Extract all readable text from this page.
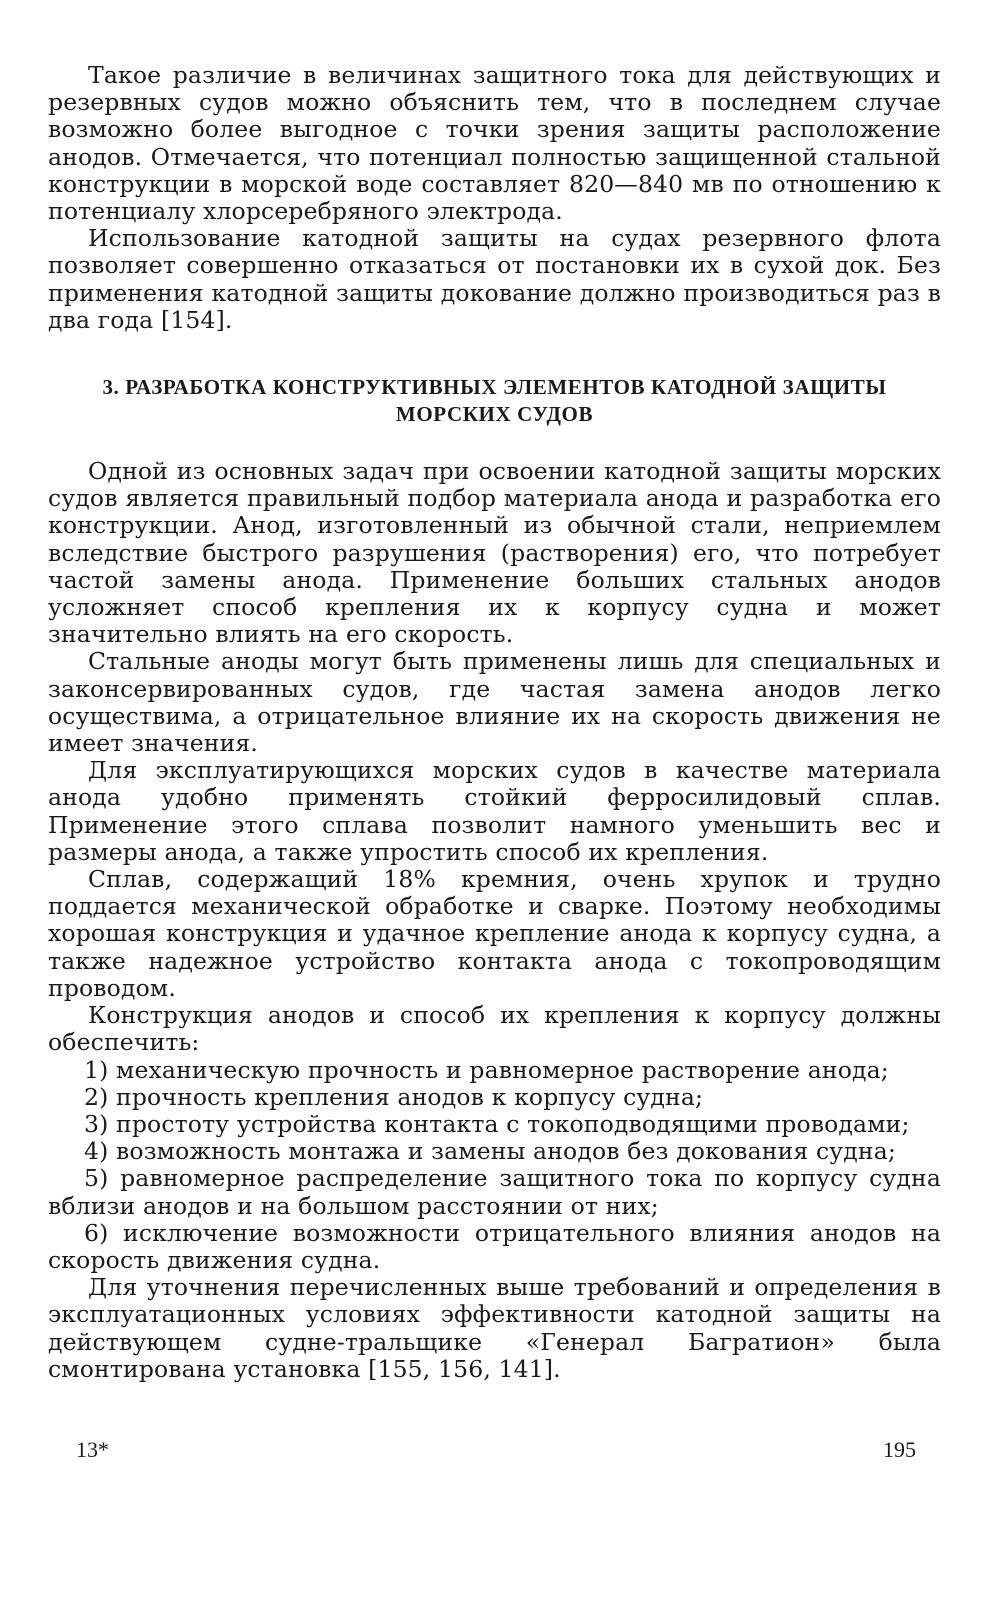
Такое различие в величинах защитного тока для действующих и резервных судов можно объяснить тем, что в последнем случае возможно более выгодное с точки зрения защиты расположение анодов. Отмечается, что потенциал полностью защищенной стальной конструкции в морской воде составляет 820—840 мв по отношению к потенциалу хлорсеребряного электрода.

Использование катодной защиты на судах резервного флота позволяет совершенно отказаться от постановки их в сухой док. Без применения катодной защиты докование должно производиться раз в два года [154].

3. РАЗРАБОТКА КОНСТРУКТИВНЫХ ЭЛЕМЕНТОВ КАТОДНОЙ ЗАЩИТЫ
МОРСКИХ СУДОВ

Одной из основных задач при освоении катодной защиты морских судов является правильный подбор материала анода и разработка его конструкции. Анод, изготовленный из обычной стали, неприемлем вследствие быстрого разрушения (растворения) его, что потребует частой замены анода. Применение больших стальных анодов усложняет способ крепления их к корпусу судна и может значительно влиять на его скорость.

Стальные аноды могут быть применены лишь для специальных и законсервированных судов, где частая замена анодов легко осуществима, а отрицательное влияние их на скорость движения не имеет значения.

Для эксплуатирующихся морских судов в качестве материала анода удобно применять стойкий ферросилидовый сплав. Применение этого сплава позволит намного уменьшить вес и размеры анода, а также упростить способ их крепления.

Сплав, содержащий 18% кремния, очень хрупок и трудно поддается механической обработке и сварке. Поэтому необходимы хорошая конструкция и удачное крепление анода к корпусу судна, а также надежное устройство контакта анода с токопроводящим проводом.

Конструкция анодов и способ их крепления к корпусу должны обеспечить:

1) механическую прочность и равномерное растворение анода;

2) прочность крепления анодов к корпусу судна;

3) простоту устройства контакта с токоподводящими проводами;

4) возможность монтажа и замены анодов без докования судна;

5) равномерное распределение защитного тока по корпусу судна вблизи анодов и на большом расстоянии от них;

6) исключение возможности отрицательного влияния анодов на скорость движения судна.

Для уточнения перечисленных выше требований и определения в эксплуатационных условиях эффективности катодной защиты на действующем судне-тральщике «Генерал Багратион» была смонтирована установка [155, 156, 141].

13*	195
